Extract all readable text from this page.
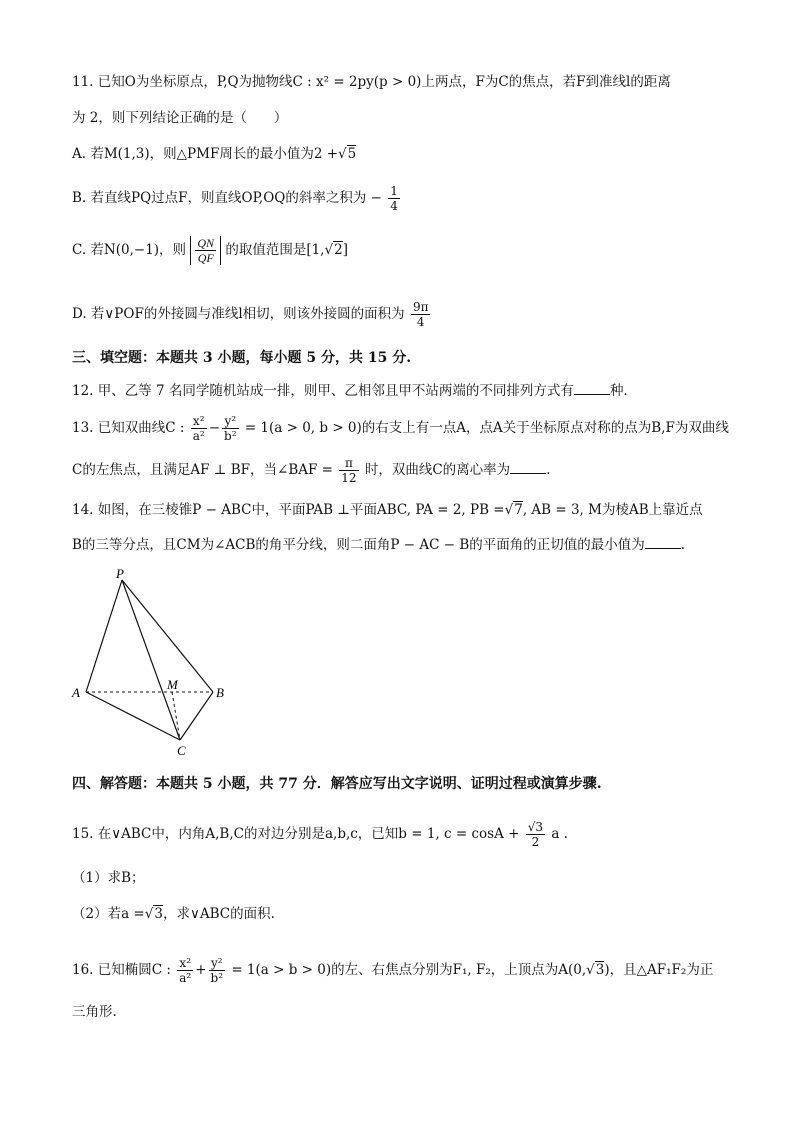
11. 已知O为坐标原点，P,Q为抛物线C : x² = 2py(p > 0)上两点，F为C的焦点，若F到准线l的距离
为 2，则下列结论正确的是（　　）
A. 若M(1,3)，则△PMF周长的最小值为2 +√5
B. 若直线PQ过点F，则直线OP,OQ的斜率之积为 − $\frac{1}{4}$
C. 若N(0,−1)，则 $\frac{QN}{QF}$ 的取值范围是[1,√2]
D. 若∨POF的外接圆与准线l相切，则该外接圆的面积为 $\frac{9\pi}{4}$
三、填空题：本题共 3 小题，每小题 5 分，共 15 分.
12. 甲、乙等 7 名同学随机站成一排，则甲、乙相邻且甲不站两端的不同排列方式有	种.
13. 已知双曲线C : $\frac{\text{x²}}{\text{a²}} - \frac{\text{y²}}{\text{b²}} = 1(a > 0$, b > 0)的右支上有一点A，点A关于坐标原点对称的点为B,F为双曲线
C的左焦点，且满足AF ⊥ BF，当∠BAF = $\frac{\pi}{12}$ 时，双曲线C的离心率为	.
14. 如图，在三棱锥P − ABC中，平面PAB ⊥平面ABC, PA = 2, PB =√7, AB = 3, M为棱AB上靠近点
B的三等分点，且CM为∠ACB的角平分线，则二面角P − AC − B的平面角的正切值的最小值为	.
P
A
M
B
C
四、解答题：本题共 5 小题，共 77 分．解答应写出文字说明、证明过程或演算步骤.
15. 在∨ABC中，内角A,B,C的对边分别是a,b,c，已知b = 1, $c = \cos A + \frac{√3}{2}$ a .
（1）求B；
（2）若a =√3，求∨ABC的面积.
16. 已知椭圆C : $\frac{\text{x²}}{\text{a²}} + \frac{\text{y²}}{\text{b²}} = 1(a > b > 0)$的左、右焦点分别为F₁, F₂，上顶点为A(0,√3)，且△AF₁F₂为正
三角形.
